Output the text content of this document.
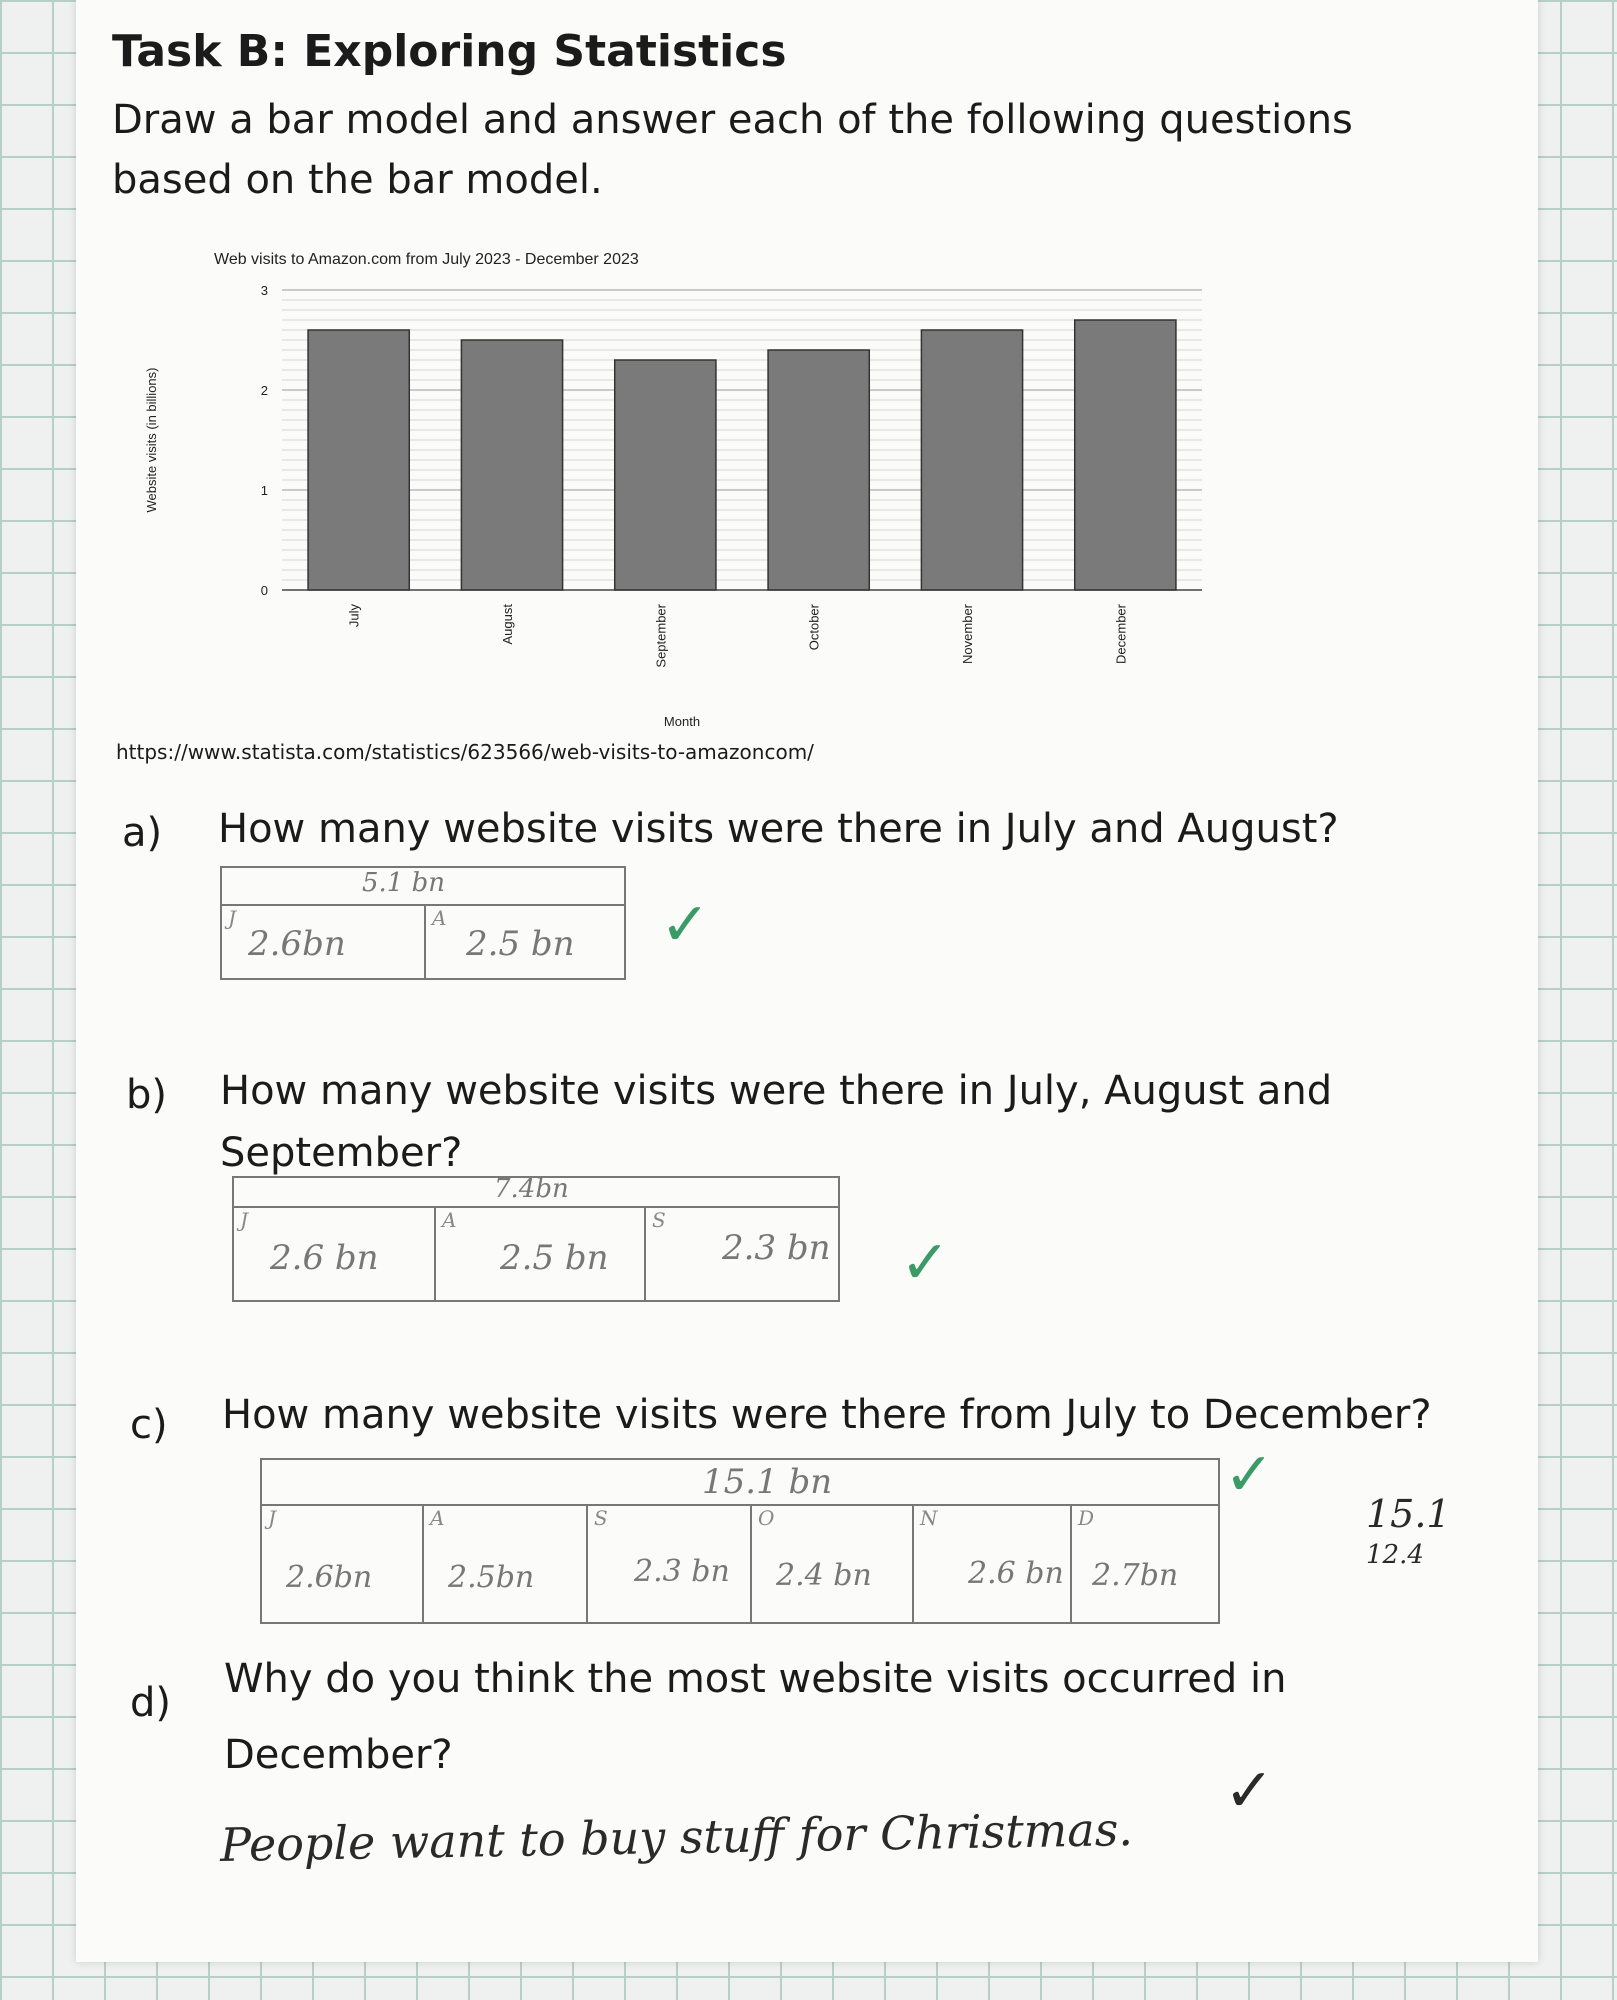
Task B: Exploring Statistics
Draw a bar model and answer each of the following questions based on the bar model.
Web visits to Amazon.com from July 2023 - December 2023
0
1
2
3
July	August	September	October	November	December
Website visits (in billions)
Month
https://www.statista.com/statistics/623566/web-visits-to-amazoncom/
a) How many website visits were there in July and August?
5.1 bn
J
2.6bn
A
2.5 bn ✓
b) How many website visits were there in July, August and
September?
7.4bn
J
2.6 bn
A
2.5 bn
S
2.3 bn ✓
c) How many website visits were there from July to December?
15.1 bn
J
2.6bn
A
2.5bn
S
2.3 bn
O
2.4 bn
N
2.6 bn
D
2.7bn
✓
15.1
12.4
d)
Why do you think the most website visits occurred in
December?
People want to buy stuff for Christmas.
✓
